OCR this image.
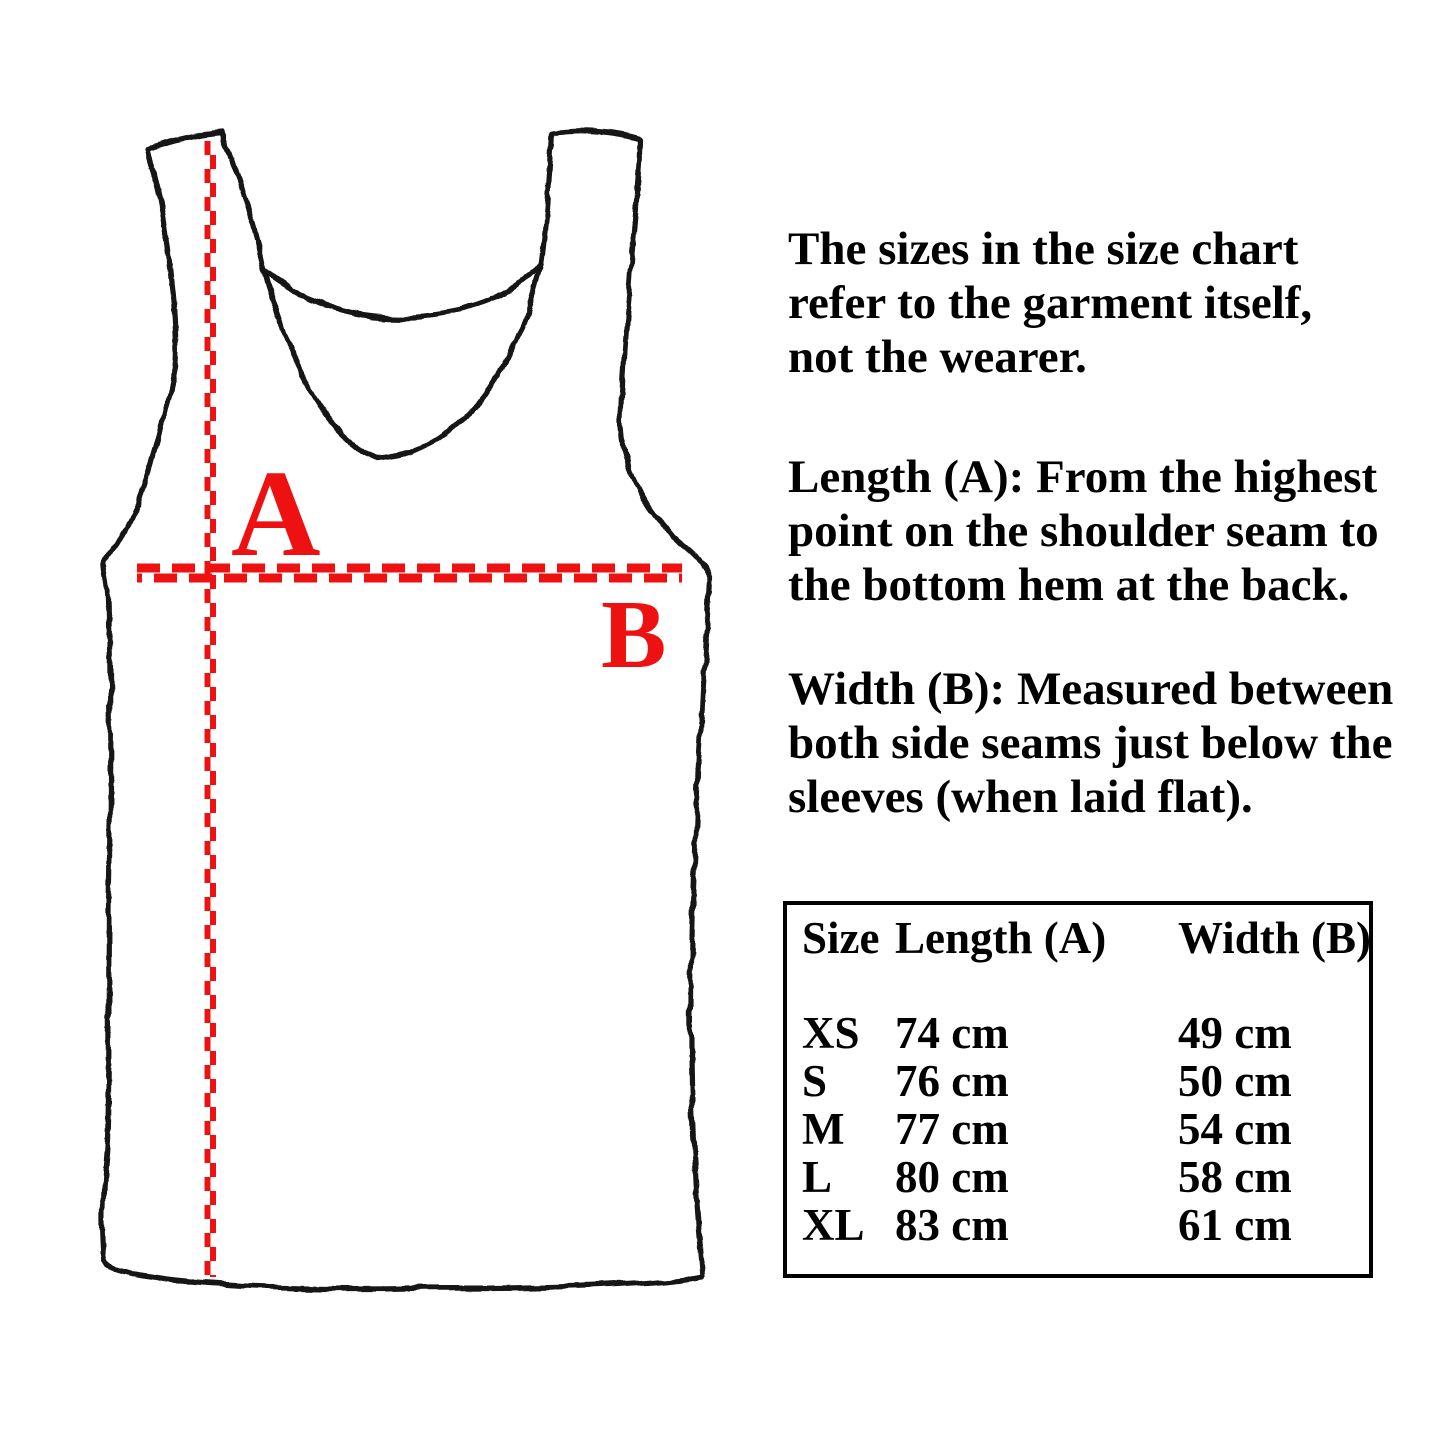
A
B
The sizes in the size chart
refer to the garment itself,
not the wearer.
Length (A): From the highest
point on the shoulder seam to
the bottom hem at the back.
Width (B): Measured between
both side seams just below the
sleeves (when laid flat).
Size Length (A) Width (B)
XS 74 cm	49 cm
S 76 cm	50 cm
M 77 cm	54 cm
L 80 cm	58 cm
XL 83 cm	61 cm
